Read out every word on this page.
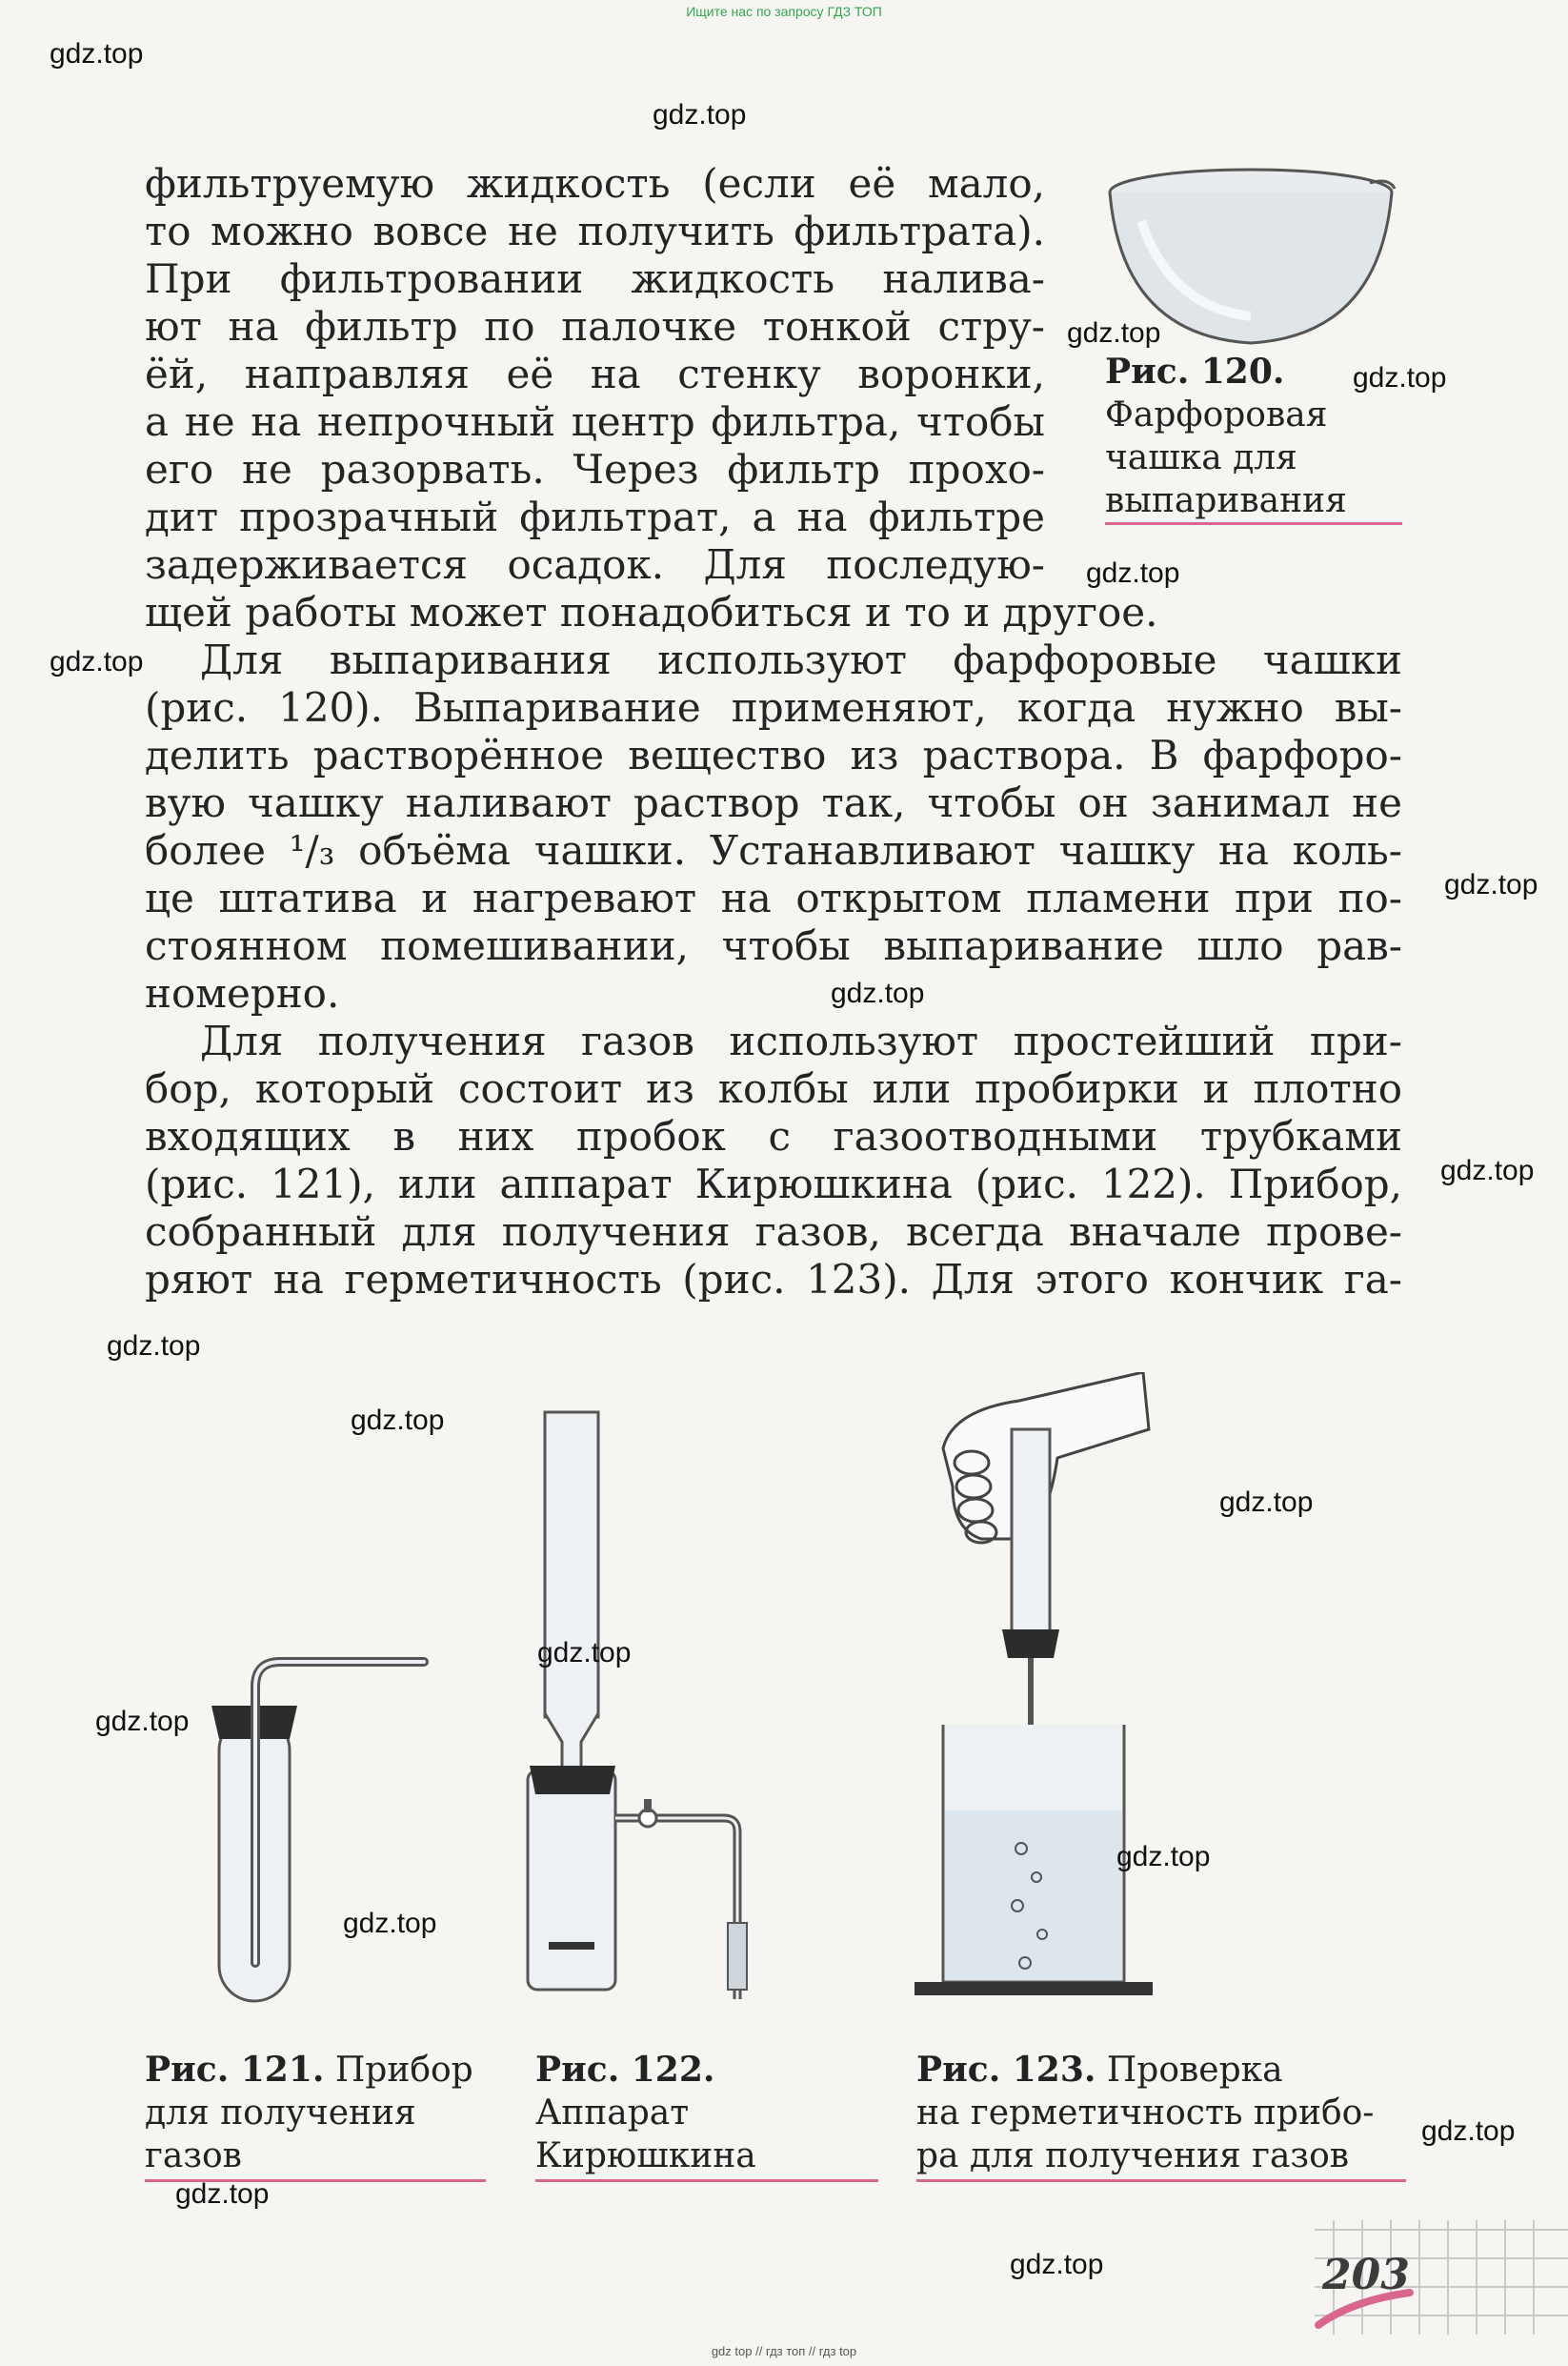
Ищите нас по запросу ГДЗ ТОП
gdz top // гдз топ // гдз top
Рис. 120.
Фарфоровая
чашка для
выпаривания
фильтруемую жидкость (если её мало,
то можно вовсе не получить фильтрата).
При фильтровании жидкость налива-
ют на фильтр по палочке тонкой стру-
ёй, направляя её на стенку воронки,
а не на непрочный центр фильтра, чтобы
его не разорвать. Через фильтр прохо-
дит прозрачный фильтрат, а на фильтре
задерживается осадок. Для последую-
щей работы может понадобиться и то и другое.
Для выпаривания используют фарфоровые чашки
(рис. 120). Выпаривание применяют, когда нужно вы-
делить растворённое вещество из раствора. В фарфоро-
вую чашку наливают раствор так, чтобы он занимал не
более ¹/₃ объёма чашки. Устанавливают чашку на коль-
це штатива и нагревают на открытом пламени при по-
стоянном помешивании, чтобы выпаривание шло рав-
номерно.
Для получения газов используют простейший при-
бор, который состоит из колбы или пробирки и плотно
входящих в них пробок с газоотводными трубками
(рис. 121), или аппарат Кирюшкина (рис. 122). Прибор,
собранный для получения газов, всегда вначале прове-
ряют на герметичность (рис. 123). Для этого кончик га-
Рис. 121. Прибор
для получения
газов
Рис. 122.
Аппарат
Кирюшкина
Рис. 123. Проверка
на герметичность прибо-
ра для получения газов
203
gdz.top
gdz.top
gdz.top
gdz.top
gdz.top
gdz.top
gdz.top
gdz.top
gdz.top
gdz.top
gdz.top
gdz.top
gdz.top
gdz.top
gdz.top
gdz.top
gdz.top
gdz.top
gdz.top
